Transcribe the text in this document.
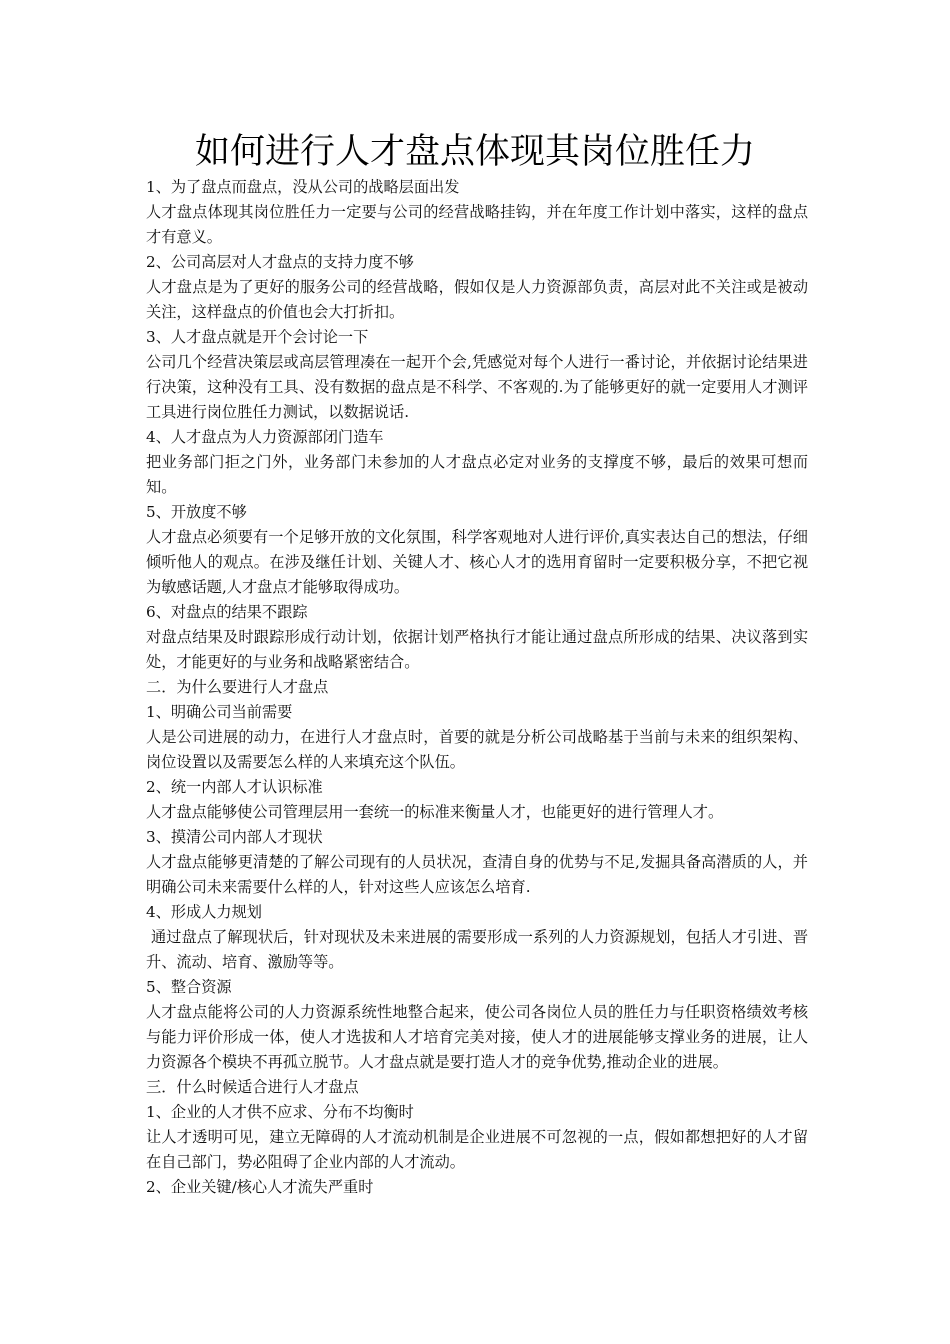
如何进行人才盘点体现其岗位胜任力

1、为了盘点而盘点，没从公司的战略层面出发

人才盘点体现其岗位胜任力一定要与公司的经营战略挂钩，并在年度工作计划中落实，这样的盘点才有意义。

2、公司高层对人才盘点的支持力度不够

人才盘点是为了更好的服务公司的经营战略，假如仅是人力资源部负责，高层对此不关注或是被动关注，这样盘点的价值也会大打折扣。

3、人才盘点就是开个会讨论一下

公司几个经营决策层或高层管理凑在一起开个会,凭感觉对每个人进行一番讨论，并依据讨论结果进行决策，这种没有工具、没有数据的盘点是不科学、不客观的.为了能够更好的就一定要用人才测评工具进行岗位胜任力测试，以数据说话.

4、人才盘点为人力资源部闭门造车

把业务部门拒之门外，业务部门未参加的人才盘点必定对业务的支撑度不够，最后的效果可想而知。

5、开放度不够

人才盘点必须要有一个足够开放的文化氛围，科学客观地对人进行评价,真实表达自己的想法，仔细倾听他人的观点。在涉及继任计划、关键人才、核心人才的选用育留时一定要积极分享，不把它视为敏感话题,人才盘点才能够取得成功。

6、对盘点的结果不跟踪

对盘点结果及时跟踪形成行动计划，依据计划严格执行才能让通过盘点所形成的结果、决议落到实处，才能更好的与业务和战略紧密结合。

二．为什么要进行人才盘点

1、明确公司当前需要

人是公司进展的动力，在进行人才盘点时，首要的就是分析公司战略基于当前与未来的组织架构、岗位设置以及需要怎么样的人来填充这个队伍。

2、统一内部人才认识标准

人才盘点能够使公司管理层用一套统一的标准来衡量人才，也能更好的进行管理人才。

3、摸清公司内部人才现状

人才盘点能够更清楚的了解公司现有的人员状况，查清自身的优势与不足,发掘具备高潜质的人，并明确公司未来需要什么样的人，针对这些人应该怎么培育.

4、形成人力规划

通过盘点了解现状后，针对现状及未来进展的需要形成一系列的人力资源规划，包括人才引进、晋升、流动、培育、激励等等。

5、整合资源

人才盘点能将公司的人力资源系统性地整合起来，使公司各岗位人员的胜任力与任职资格绩效考核与能力评价形成一体，使人才选拔和人才培育完美对接，使人才的进展能够支撑业务的进展，让人力资源各个模块不再孤立脱节。人才盘点就是要打造人才的竞争优势,推动企业的进展。

三．什么时候适合进行人才盘点

1、企业的人才供不应求、分布不均衡时

让人才透明可见，建立无障碍的人才流动机制是企业进展不可忽视的一点，假如都想把好的人才留在自己部门，势必阻碍了企业内部的人才流动。

2、企业关键/核心人才流失严重时
